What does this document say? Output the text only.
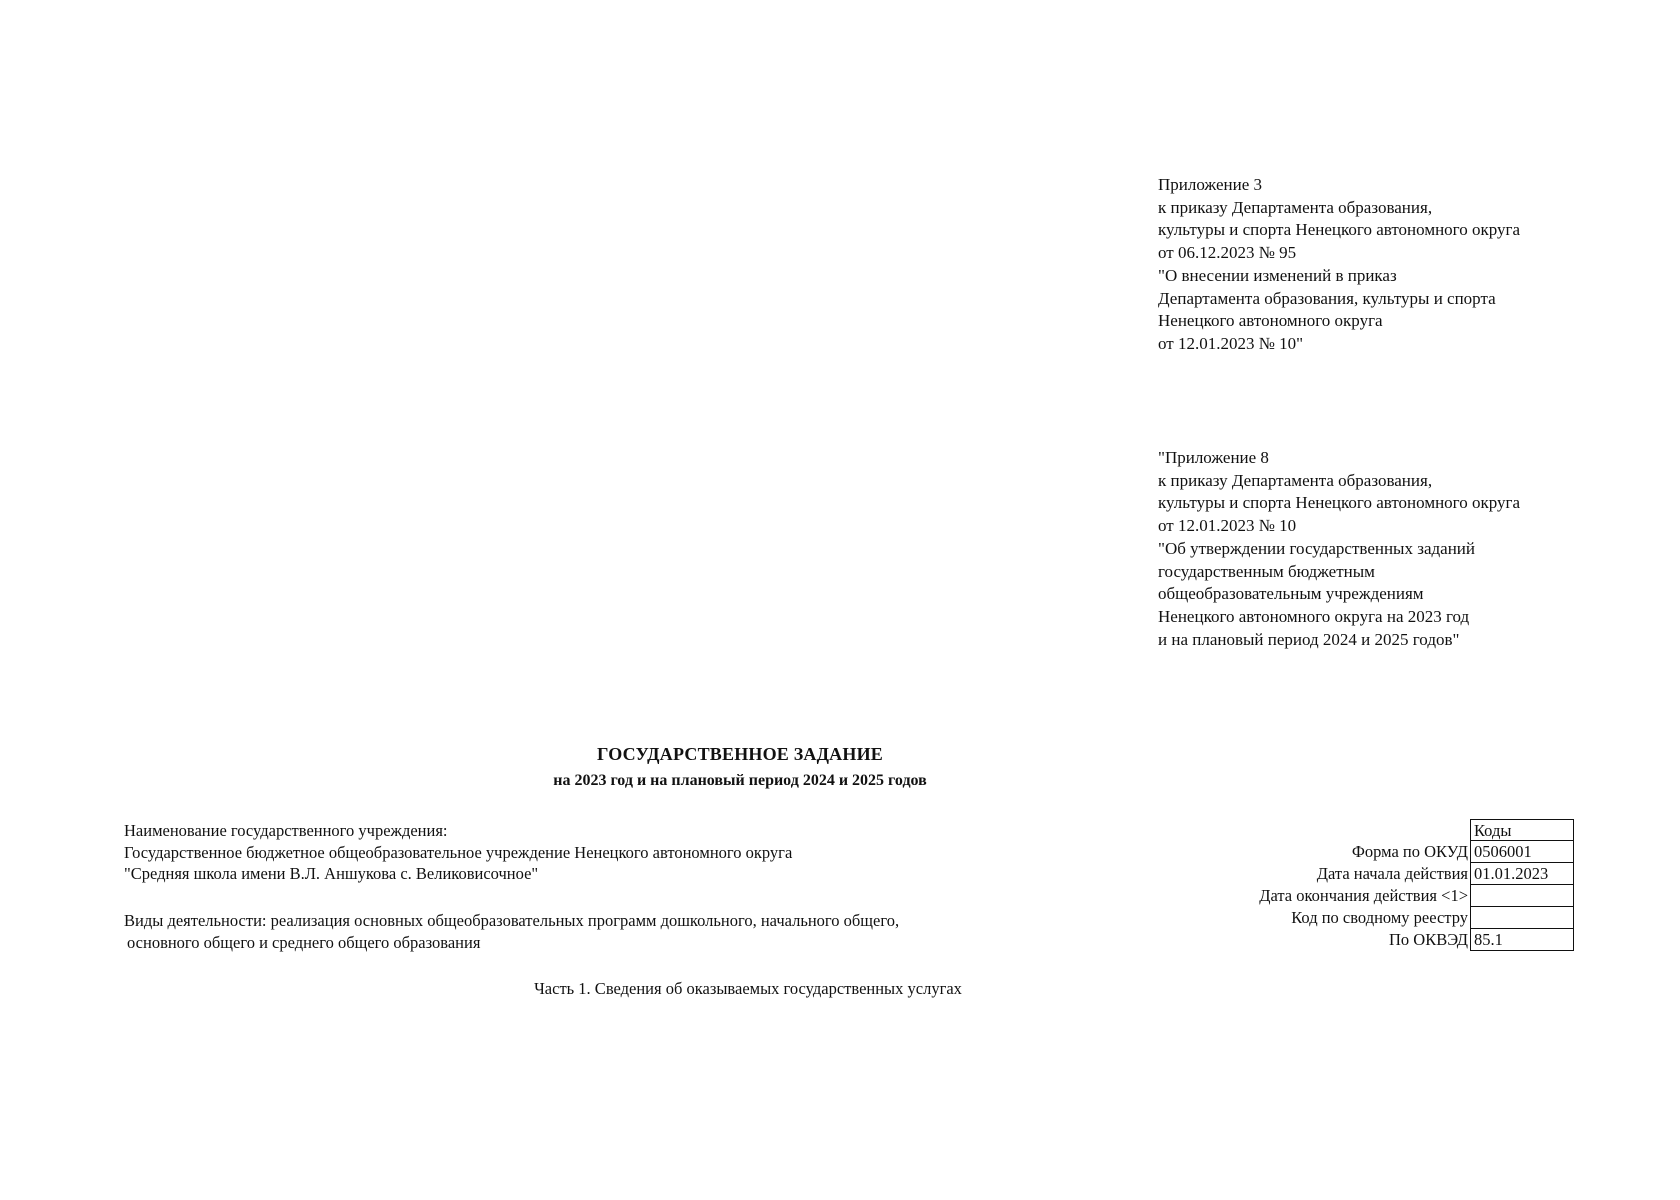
Приложение 3
к приказу Департамента образования,
культуры и спорта Ненецкого автономного округа
от 06.12.2023 № 95
"О внесении изменений в приказ
Департамента образования, культуры и спорта
Ненецкого автономного округа
от 12.01.2023 № 10"
"Приложение 8
к приказу Департамента образования,
культуры и спорта Ненецкого автономного округа
от 12.01.2023 № 10
"Об утверждении государственных заданий
государственным бюджетным
общеобразовательным учреждениям
Ненецкого автономного округа на 2023 год
и на плановый период 2024 и 2025 годов"
ГОСУДАРСТВЕННОЕ ЗАДАНИЕ
на 2023 год и на плановый период 2024 и 2025 годов
Наименование государственного учреждения:
Государственное бюджетное общеобразовательное учреждение Ненецкого автономного округа
"Средняя школа имени В.Л. Аншукова с. Великовисочное"
Виды деятельности: реализация основных общеобразовательных программ дошкольного, начального общего,
основного общего и среднего общего образования
Коды
Форма по ОКУД 0506001
Дата начала действия 01.01.2023
Дата окончания действия <1>
Код по сводному реестру
По ОКВЭД 85.1
Часть 1. Сведения об оказываемых государственных услугах
